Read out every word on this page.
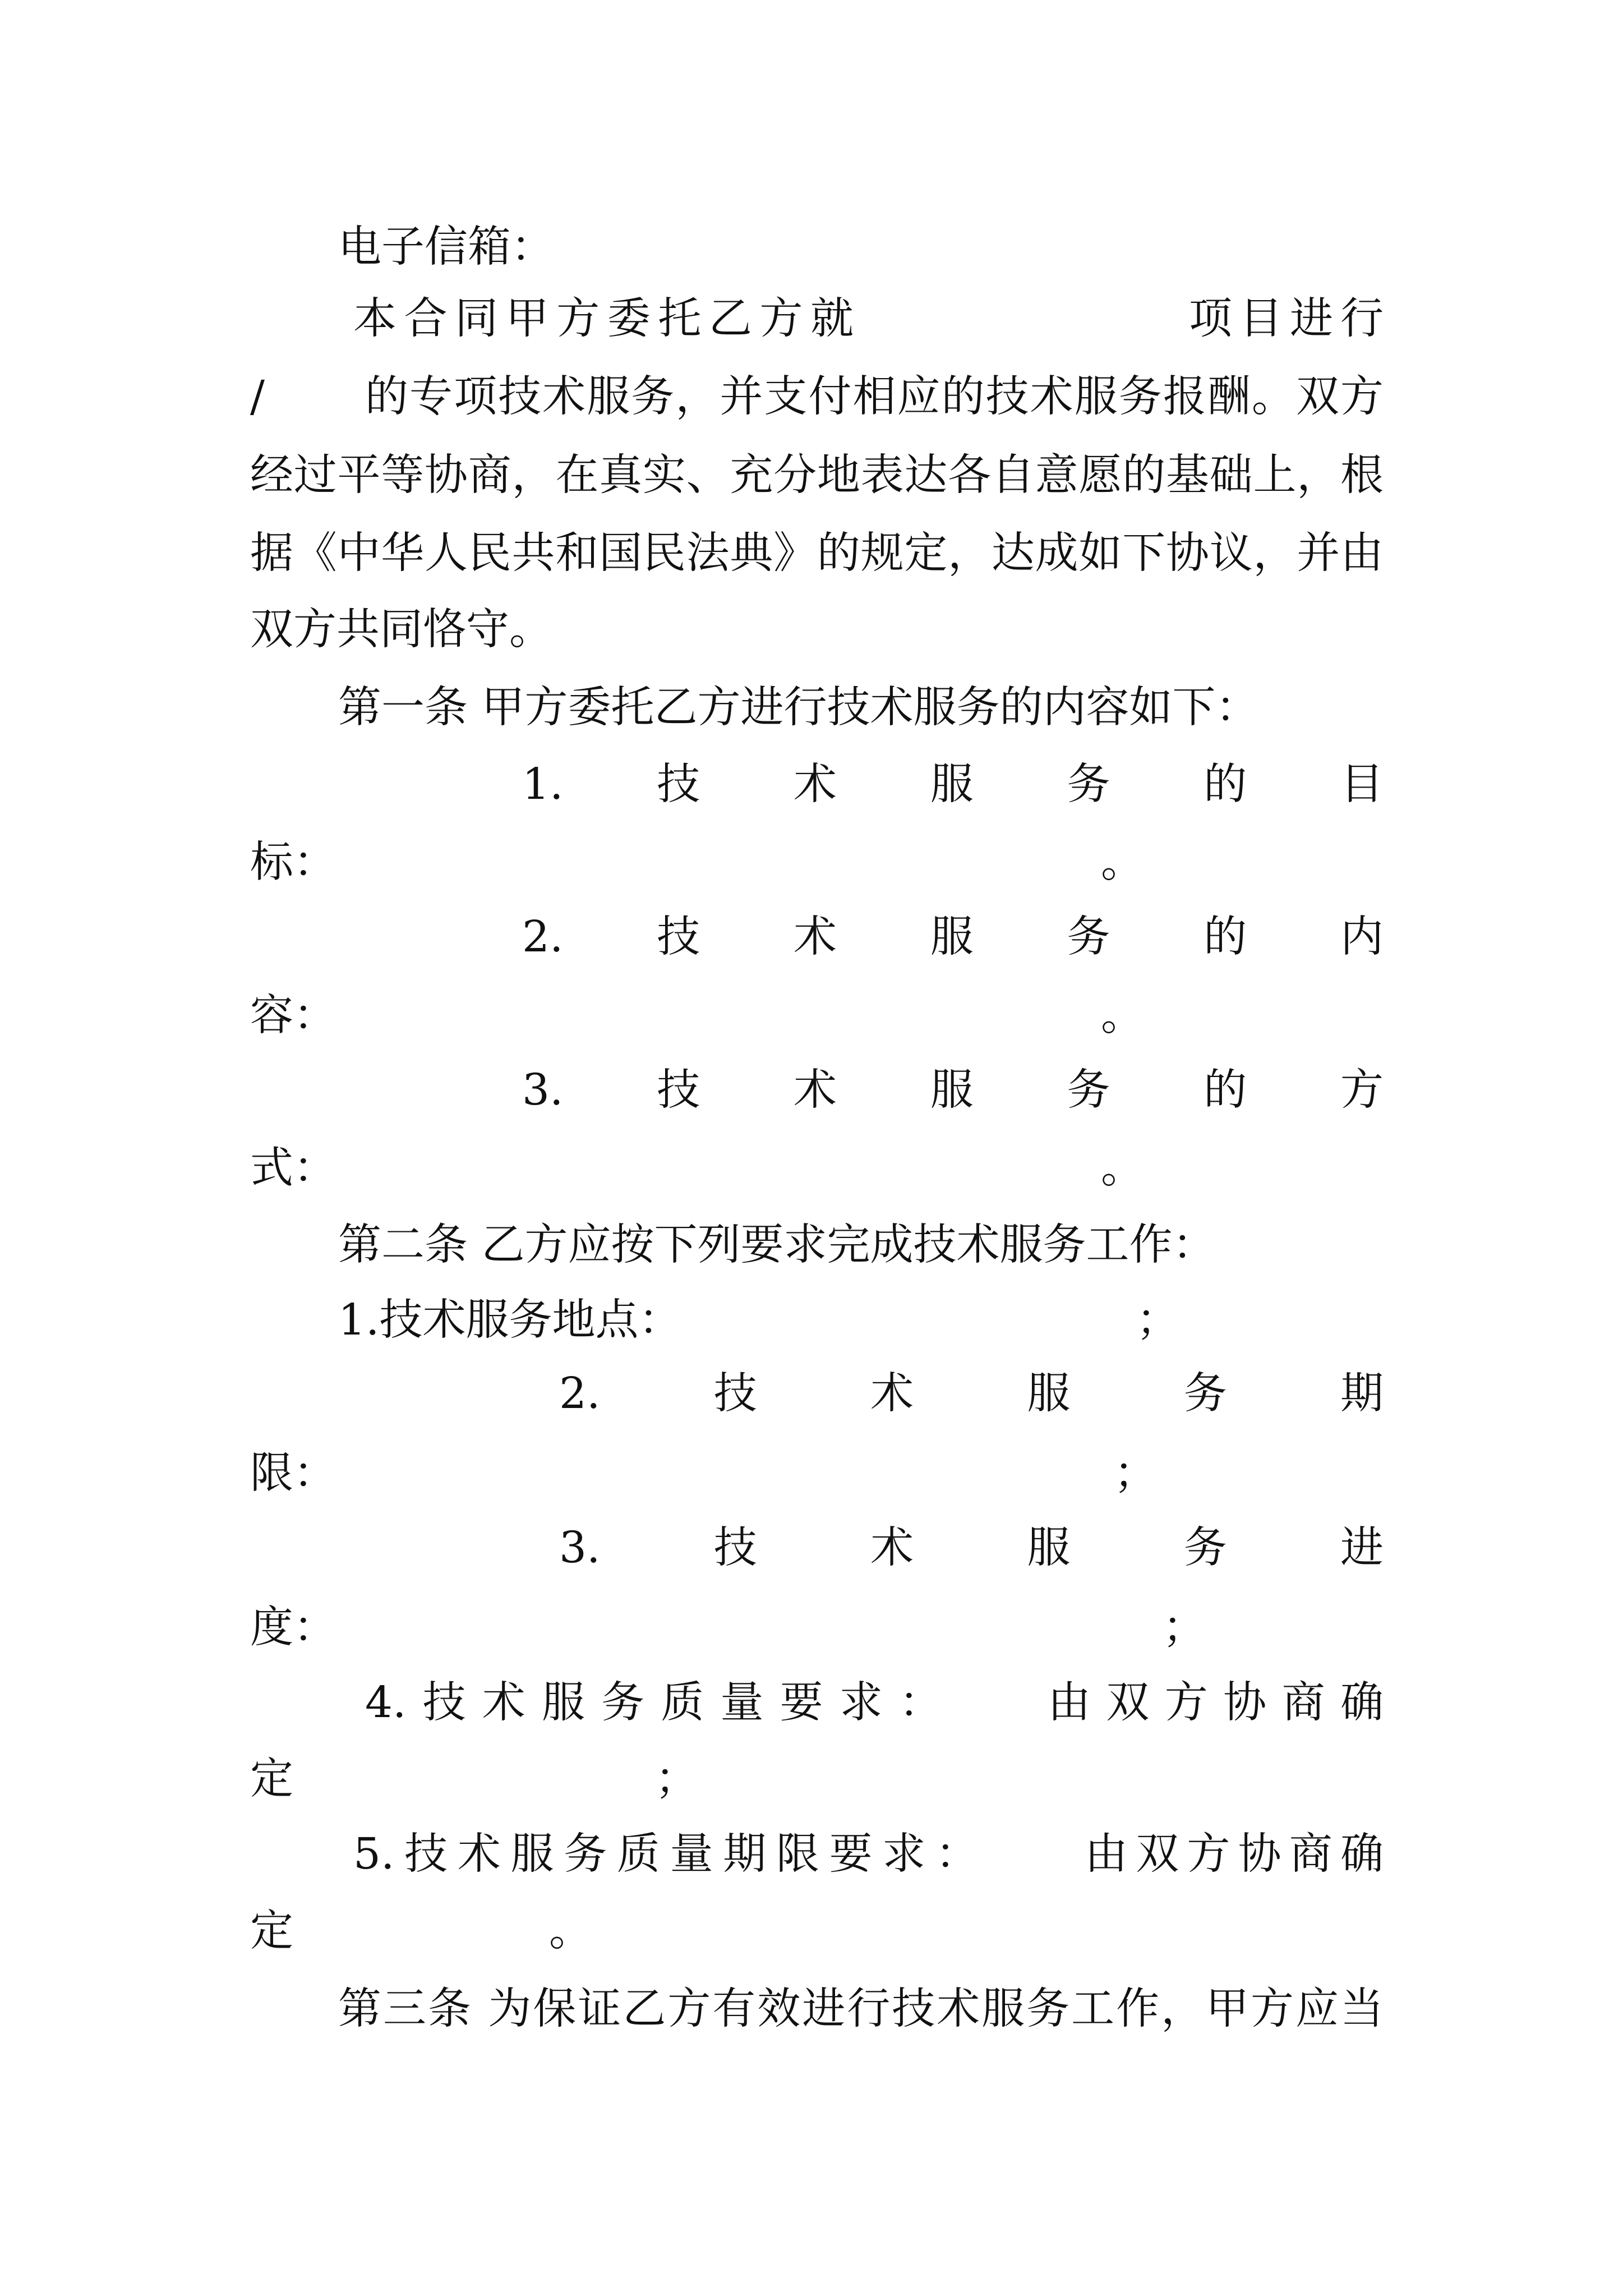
电子信箱：
本合同甲方委托乙方就	项目进行
/ 的专项技术服务，并支付相应的技术服务报酬。双方
经过平等协商，在真实、充分地表达各自意愿的基础上，根
据《中华人民共和国民法典》的规定，达成如下协议，并由
双方共同恪守。
第一条 甲方委托乙方进行技术服务的内容如下：
1.技术服务的目
标：	。
2.技术服务的内
容：	。
3.技术服务的方
式：	。
第二条 乙方应按下列要求完成技术服务工作：
1.技术服务地点：	；
2.技术服务期
限：	；
3.技术服务进
度：	；
4.技术服务质量要求： 由双方协商确
定	；
5.技术服务质量期限要求： 由双方协商确
定	。
第三条 为保证乙方有效进行技术服务工作，甲方应当
